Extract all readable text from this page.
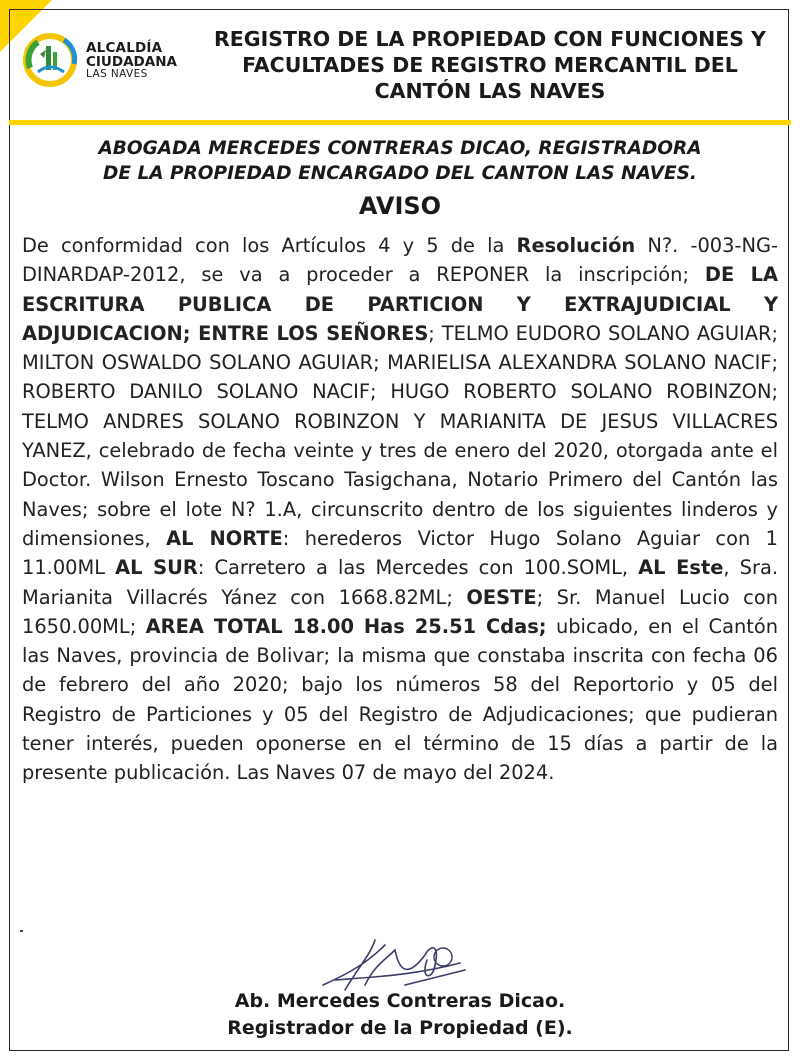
ALCALDÍA
CIUDADANA
LAS NAVES
REGISTRO DE LA PROPIEDAD CON FUNCIONES Y
FACULTADES DE REGISTRO MERCANTIL DEL
CANTÓN LAS NAVES
ABOGADA MERCEDES CONTRERAS DICAO, REGISTRADORA
DE LA PROPIEDAD ENCARGADO DEL CANTON LAS NAVES.
AVISO
De conformidad con los Artículos 4 y 5 de la Resolución N?. -003-NG-DINARDAP-2012, se va a proceder a REPONER la inscripción; DE LA ESCRITURA PUBLICA DE PARTICION Y EXTRAJUDICIAL Y ADJUDICACION; ENTRE LOS SEÑORES; TELMO EUDORO SOLANO AGUIAR; MILTON OSWALDO SOLANO AGUIAR; MARIELISA ALEXANDRA SOLANO NACIF; ROBERTO DANILO SOLANO NACIF; HUGO ROBERTO SOLANO ROBINZON; TELMO ANDRES SOLANO ROBINZON Y MARIANITA DE JESUS VILLACRES YANEZ, celebrado de fecha veinte y tres de enero del 2020, otorgada ante el Doctor. Wilson Ernesto Toscano Tasigchana, Notario Primero del Cantón las Naves; sobre el lote N? 1.A, circunscrito dentro de los siguientes linderos y dimensiones, AL NORTE: herederos Victor Hugo Solano Aguiar con 1 11.00ML AL SUR: Carretero a las Mercedes con 100.SOML, AL Este, Sra. Marianita Villacrés Yánez con 1668.82ML; OESTE; Sr. Manuel Lucio con 1650.00ML; AREA TOTAL 18.00 Has 25.51 Cdas; ubicado, en el Cantón las Naves, provincia de Bolivar; la misma que constaba inscrita con fecha 06 de febrero del año 2020; bajo los números 58 del Reportorio y 05 del Registro de Particiones y 05 del Registro de Adjudicaciones; que pudieran tener interés, pueden oponerse en el término de 15 días a partir de la presente publicación. Las Naves 07 de mayo del 2024.
Ab. Mercedes Contreras Dicao.
Registrador de la Propiedad (E).
